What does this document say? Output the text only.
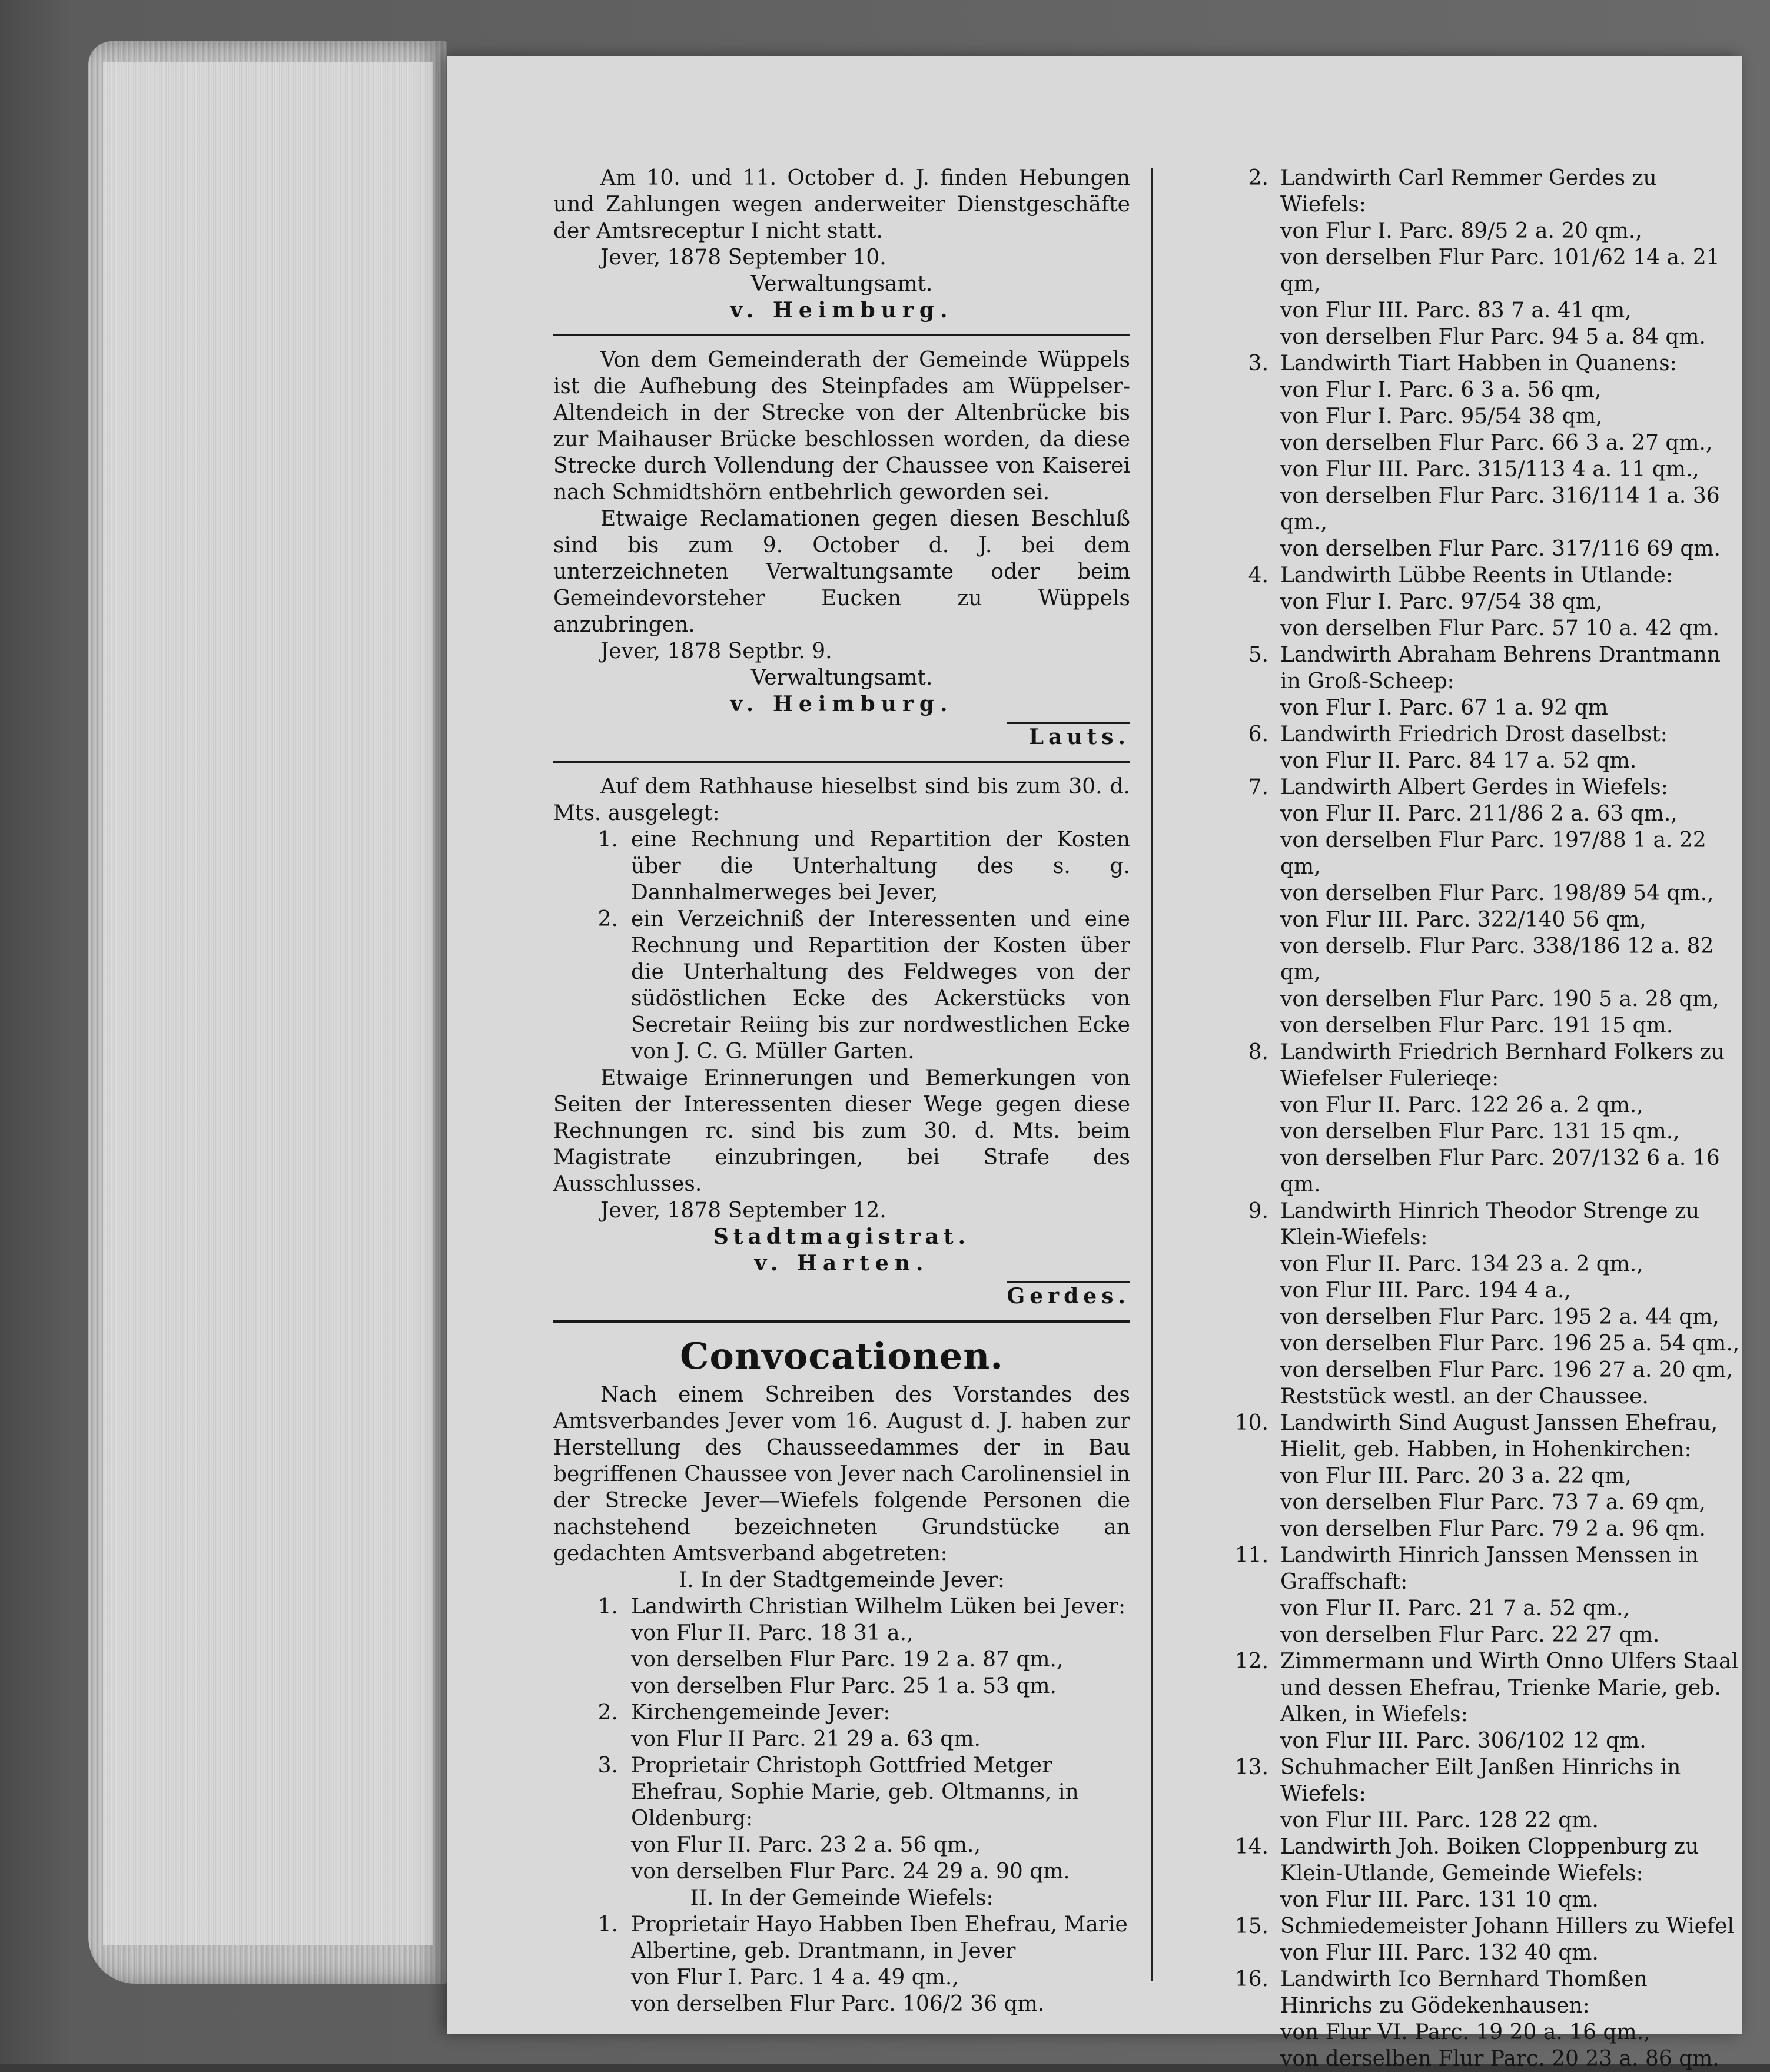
Am 10. und 11. October d. J. finden Hebungen und Zahlungen wegen anderweiter Dienstgeschäfte der Amtsreceptur I nicht statt.

Jever, 1878 September 10.

Verwaltungsamt.

v. Heimburg.

Von dem Gemeinderath der Gemeinde Wüppels ist die Aufhebung des Steinpfades am Wüppelser-Altendeich in der Strecke von der Altenbrücke bis zur Maihauser Brücke beschlossen worden, da diese Strecke durch Vollendung der Chaussee von Kaiserei nach Schmidtshörn entbehrlich geworden sei.

Etwaige Reclamationen gegen diesen Beschluß sind bis zum 9. October d. J. bei dem unterzeichneten Verwaltungsamte oder beim Gemeindevorsteher Eucken zu Wüppels anzubringen.

Jever, 1878 Septbr. 9.

Verwaltungsamt.

v. Heimburg.

Lauts.

Auf dem Rathhause hieselbst sind bis zum 30. d. Mts. ausgelegt:

1. eine Rechnung und Repartition der Kosten über die Unterhaltung des s. g. Dannhalmerweges bei Jever,
2. ein Verzeichniß der Interessenten und eine Rechnung und Repartition der Kosten über die Unterhaltung des Feldweges von der südöstlichen Ecke des Ackerstücks von Secretair Reiing bis zur nordwestlichen Ecke von J. C. G. Müller Garten.

Etwaige Erinnerungen und Bemerkungen von Seiten der Interessenten dieser Wege gegen diese Rechnungen rc. sind bis zum 30. d. Mts. beim Magistrate einzubringen, bei Strafe des Ausschlusses.

Jever, 1878 September 12.

Stadtmagistrat.

v. Harten.

Gerdes.

Convocationen.

Nach einem Schreiben des Vorstandes des Amtsverbandes Jever vom 16. August d. J. haben zur Herstellung des Chausseedammes der in Bau begriffenen Chaussee von Jever nach Carolinensiel in der Strecke Jever—Wiefels folgende Personen die nachstehend bezeichneten Grundstücke an gedachten Amtsverband abgetreten:

I. In der Stadtgemeinde Jever:

1. Landwirth Christian Wilhelm Lüken bei Jever:
von Flur II. Parc. 18 31 a.,
von derselben Flur Parc. 19 2 a. 87 qm.,
von derselben Flur Parc. 25 1 a. 53 qm.
2. Kirchengemeinde Jever:
von Flur II Parc. 21 29 a. 63 qm.
3. Proprietair Christoph Gottfried Metger Ehefrau, Sophie Marie, geb. Oltmanns, in Oldenburg:
von Flur II. Parc. 23 2 a. 56 qm.,
von derselben Flur Parc. 24 29 a. 90 qm.

II. In der Gemeinde Wiefels:

1. Proprietair Hayo Habben Iben Ehefrau, Marie Albertine, geb. Drantmann, in Jever
von Flur I. Parc. 1 4 a. 49 qm.,
von derselben Flur Parc. 106/2 36 qm.
2. Landwirth Carl Remmer Gerdes zu Wiefels:
von Flur I. Parc. 89/5 2 a. 20 qm.,
von derselben Flur Parc. 101/62 14 a. 21 qm,
von Flur III. Parc. 83 7 a. 41 qm,
von derselben Flur Parc. 94 5 a. 84 qm.
3. Landwirth Tiart Habben in Quanens:
von Flur I. Parc. 6 3 a. 56 qm,
von Flur I. Parc. 95/54 38 qm,
von derselben Flur Parc. 66 3 a. 27 qm.,
von Flur III. Parc. 315/113 4 a. 11 qm.,
von derselben Flur Parc. 316/114 1 a. 36 qm.,
von derselben Flur Parc. 317/116 69 qm.
4. Landwirth Lübbe Reents in Utlande:
von Flur I. Parc. 97/54 38 qm,
von derselben Flur Parc. 57 10 a. 42 qm.
5. Landwirth Abraham Behrens Drantmann in Groß-Scheep:
von Flur I. Parc. 67 1 a. 92 qm
6. Landwirth Friedrich Drost daselbst:
von Flur II. Parc. 84 17 a. 52 qm.
7. Landwirth Albert Gerdes in Wiefels:
von Flur II. Parc. 211/86 2 a. 63 qm.,
von derselben Flur Parc. 197/88 1 a. 22 qm,
von derselben Flur Parc. 198/89 54 qm.,
von Flur III. Parc. 322/140 56 qm,
von derselb. Flur Parc. 338/186 12 a. 82 qm,
von derselben Flur Parc. 190 5 a. 28 qm,
von derselben Flur Parc. 191 15 qm.
8. Landwirth Friedrich Bernhard Folkers zu Wiefelser Fulerieqe:
von Flur II. Parc. 122 26 a. 2 qm.,
von derselben Flur Parc. 131 15 qm.,
von derselben Flur Parc. 207/132 6 a. 16 qm.
9. Landwirth Hinrich Theodor Strenge zu Klein-Wiefels:
von Flur II. Parc. 134 23 a. 2 qm.,
von Flur III. Parc. 194 4 a.,
von derselben Flur Parc. 195 2 a. 44 qm,
von derselben Flur Parc. 196 25 a. 54 qm.,
von derselben Flur Parc. 196 27 a. 20 qm,
Reststück westl. an der Chaussee.
10. Landwirth Sind August Janssen Ehefrau, Hielit, geb. Habben, in Hohenkirchen:
von Flur III. Parc. 20 3 a. 22 qm,
von derselben Flur Parc. 73 7 a. 69 qm,
von derselben Flur Parc. 79 2 a. 96 qm.
11. Landwirth Hinrich Janssen Menssen in Graffschaft:
von Flur II. Parc. 21 7 a. 52 qm.,
von derselben Flur Parc. 22 27 qm.
12. Zimmermann und Wirth Onno Ulfers Staal und dessen Ehefrau, Trienke Marie, geb. Alken, in Wiefels:
von Flur III. Parc. 306/102 12 qm.
13. Schuhmacher Eilt Janßen Hinrichs in Wiefels:
von Flur III. Parc. 128 22 qm.
14. Landwirth Joh. Boiken Cloppenburg zu Klein-Utlande, Gemeinde Wiefels:
von Flur III. Parc. 131 10 qm.
15. Schmiedemeister Johann Hillers zu Wiefel
von Flur III. Parc. 132 40 qm.
16. Landwirth Ico Bernhard Thomßen Hinrichs zu Gödekenhausen:
von Flur VI. Parc. 19 20 a. 16 qm.,
von derselben Flur Parc. 20 23 a. 86 qm.
